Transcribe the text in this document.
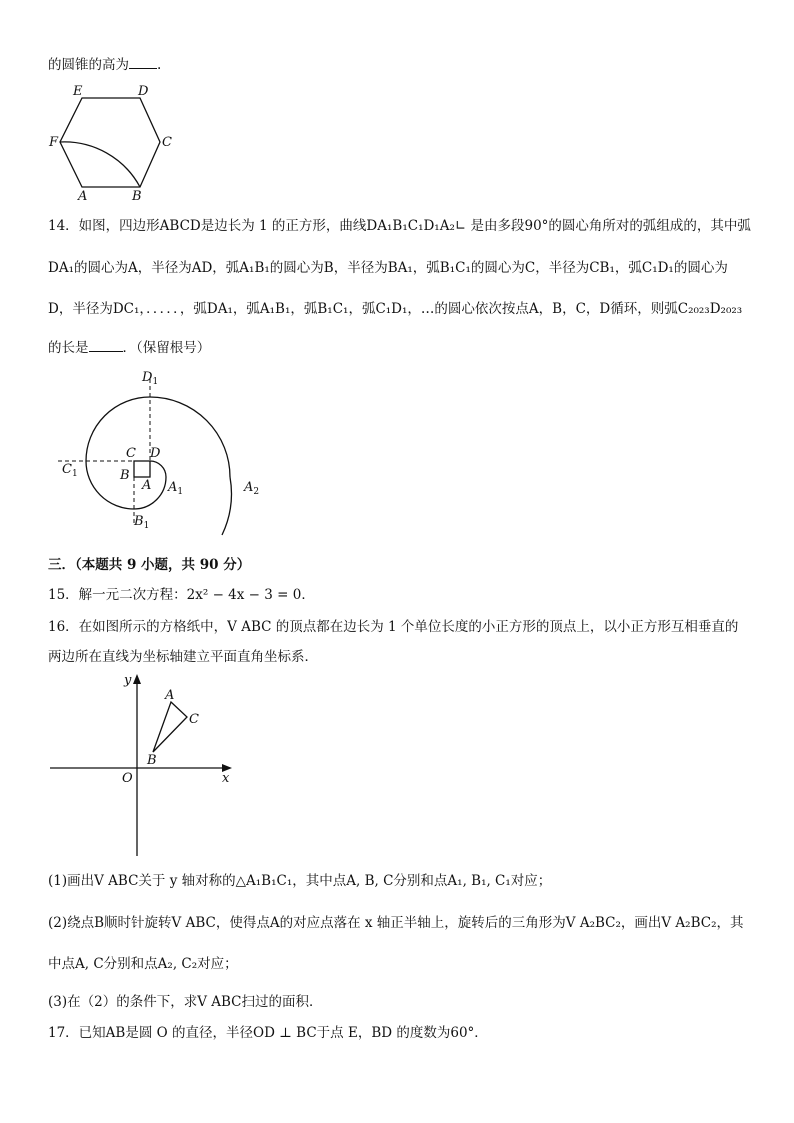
的圆锥的高为 .
E	D
F	C
A	B
14．如图，四边形ABCD是边长为 1 的正方形，曲线DA₁B₁C₁D₁A₂∟ 是由多段90°的圆心角所对的弧组成的，其中弧
DA₁的圆心为A，半径为AD，弧A₁B₁的圆心为B，半径为BA₁，弧B₁C₁的圆心为C，半径为CB₁，弧C₁D₁的圆心为
D，半径为DC₁，．．．．．，弧DA₁，弧A₁B₁，弧B₁C₁，弧C₁D₁，…的圆心依次按点A，B，C，D循环，则弧C₂₀₂₃D₂₀₂₃
的长是	．（保留根号）
$D_1$
$C_1$
C D
B
A $A_1$	$A_2$
$B_1$
三．（本题共 9 小题，共 90 分）
15．解一元二次方程：2x² − 4x − 3 = 0．
16．在如图所示的方格纸中，V ABC 的顶点都在边长为 1 个单位长度的小正方形的顶点上，以小正方形互相垂直的
两边所在直线为坐标轴建立平面直角坐标系．
y
x
O
A
C
B
(1)画出V ABC关于 y 轴对称的△A₁B₁C₁，其中点A, B, C分别和点A₁, B₁, C₁对应；
(2)绕点B顺时针旋转V ABC，使得点A的对应点落在 x 轴正半轴上，旋转后的三角形为V A₂BC₂，画出V A₂BC₂，其
中点A, C分别和点A₂, C₂对应；
(3)在（2）的条件下，求V ABC扫过的面积．
17．已知AB是圆 O 的直径，半径OD ⊥ BC于点 E，BD 的度数为60°．
